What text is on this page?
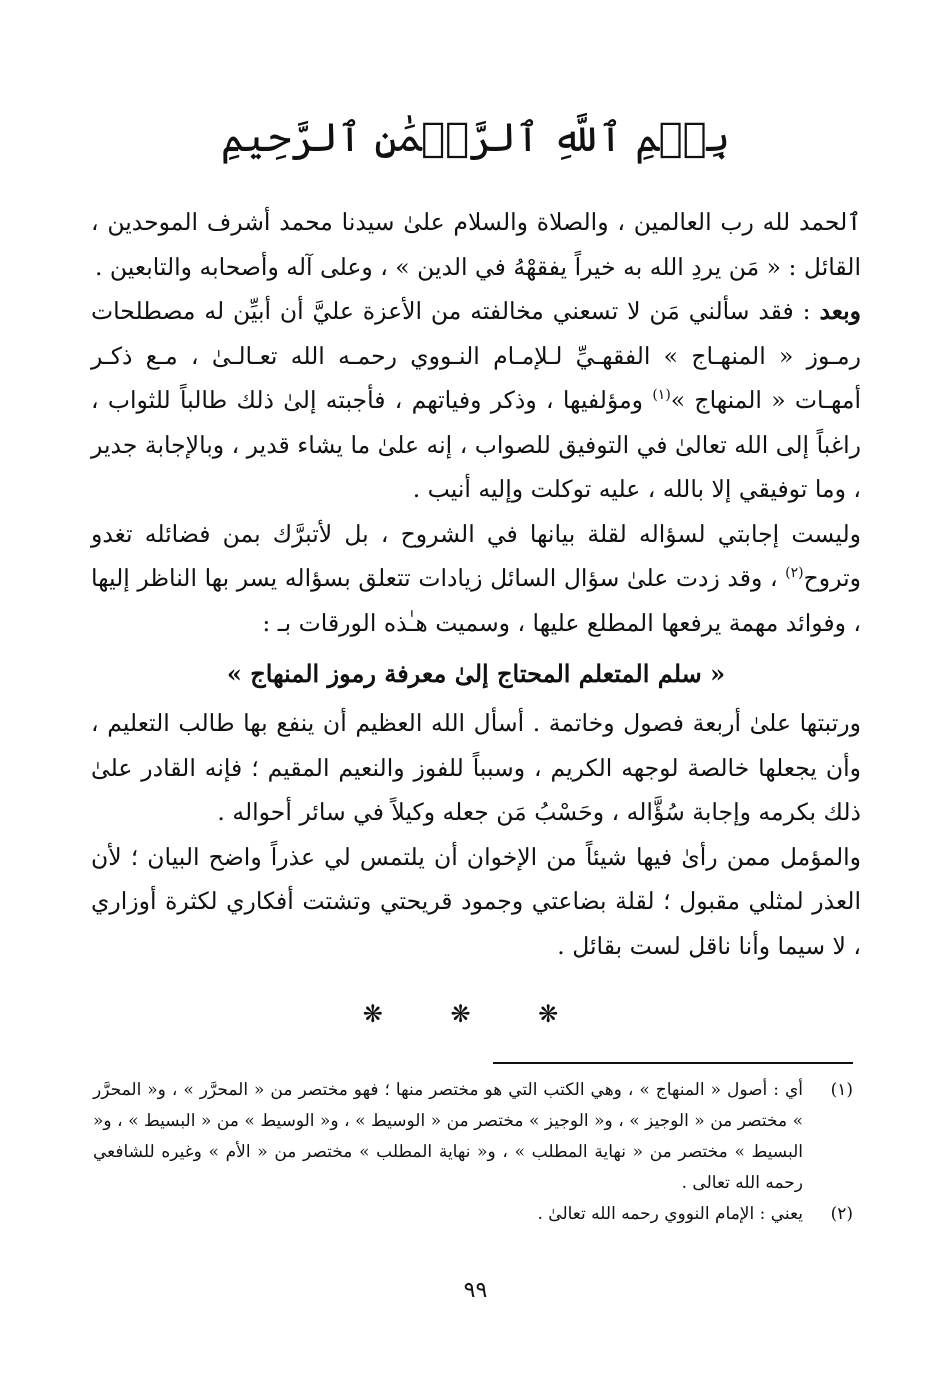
بِسۡمِ ٱللَّهِ ٱلرَّحۡمَٰنِ ٱلرَّحِيمِ

ٱلحمد لله رب العالمين ، والصلاة والسلام علىٰ سيدنا محمد أشرف الموحدين ، القائل : « مَن يردِ الله به خيراً يفقهْهُ في الدين » ، وعلى آله وأصحابه والتابعين .

وبعد : فقد سألني مَن لا تسعني مخالفته من الأعزة عليَّ أن أبيِّن له مصطلحات رمـوز « المنهـاج » الفقهـيِّ لـلإمـام النـووي رحمـه الله تعـالـىٰ ، مـع ذكـر أمهـات « المنهاج »$^{(١)}$ ومؤلفيها ، وذكر وفياتهم ، فأجبته إلىٰ ذلك طالباً للثواب ، راغباً إلى الله تعالىٰ في التوفيق للصواب ، إنه علىٰ ما يشاء قدير ، وبالإجابة جدير ، وما توفيقي إلا بالله ، عليه توكلت وإليه أنيب .

وليست إجابتي لسؤاله لقلة بيانها في الشروح ، بل لأتبرَّك بمن فضائله تغدو وتروح$^{(٢)}$ ، وقد زدت علىٰ سؤال السائل زيادات تتعلق بسؤاله يسر بها الناظر إليها ، وفوائد مهمة يرفعها المطلع عليها ، وسميت هـٰذه الورقات بـ :

« سلم المتعلم المحتاج إلىٰ معرفة رموز المنهاج »

ورتبتها علىٰ أربعة فصول وخاتمة . أسأل الله العظيم أن ينفع بها طالب التعليم ، وأن يجعلها خالصة لوجهه الكريم ، وسبباً للفوز والنعيم المقيم ؛ فإنه القادر علىٰ ذلك بكرمه وإجابة سُؤَّاله ، وحَسْبُ مَن جعله وكيلاً في سائر أحواله .

والمؤمل ممن رأىٰ فيها شيئاً من الإخوان أن يلتمس لي عذراً واضح البيان ؛ لأن العذر لمثلي مقبول ؛ لقلة بضاعتي وجمود قريحتي وتشتت أفكاري لكثرة أوزاري ، لا سيما وأنا ناقل لست بقائل .

❋ ❋ ❋
(١)
أي : أصول « المنهاج » ، وهي الكتب التي هو مختصر منها ؛ فهو مختصر من « المحرَّر » ، و« المحرَّر » مختصر من « الوجيز » ، و« الوجيز » مختصر من « الوسيط » ، و« الوسيط » من « البسيط » ، و« البسيط » مختصر من « نهاية المطلب » ، و« نهاية المطلب » مختصر من « الأم » وغيره للشافعي رحمه الله تعالى .
(٢)
يعني : الإمام النووي رحمه الله تعالىٰ .
٩٩
